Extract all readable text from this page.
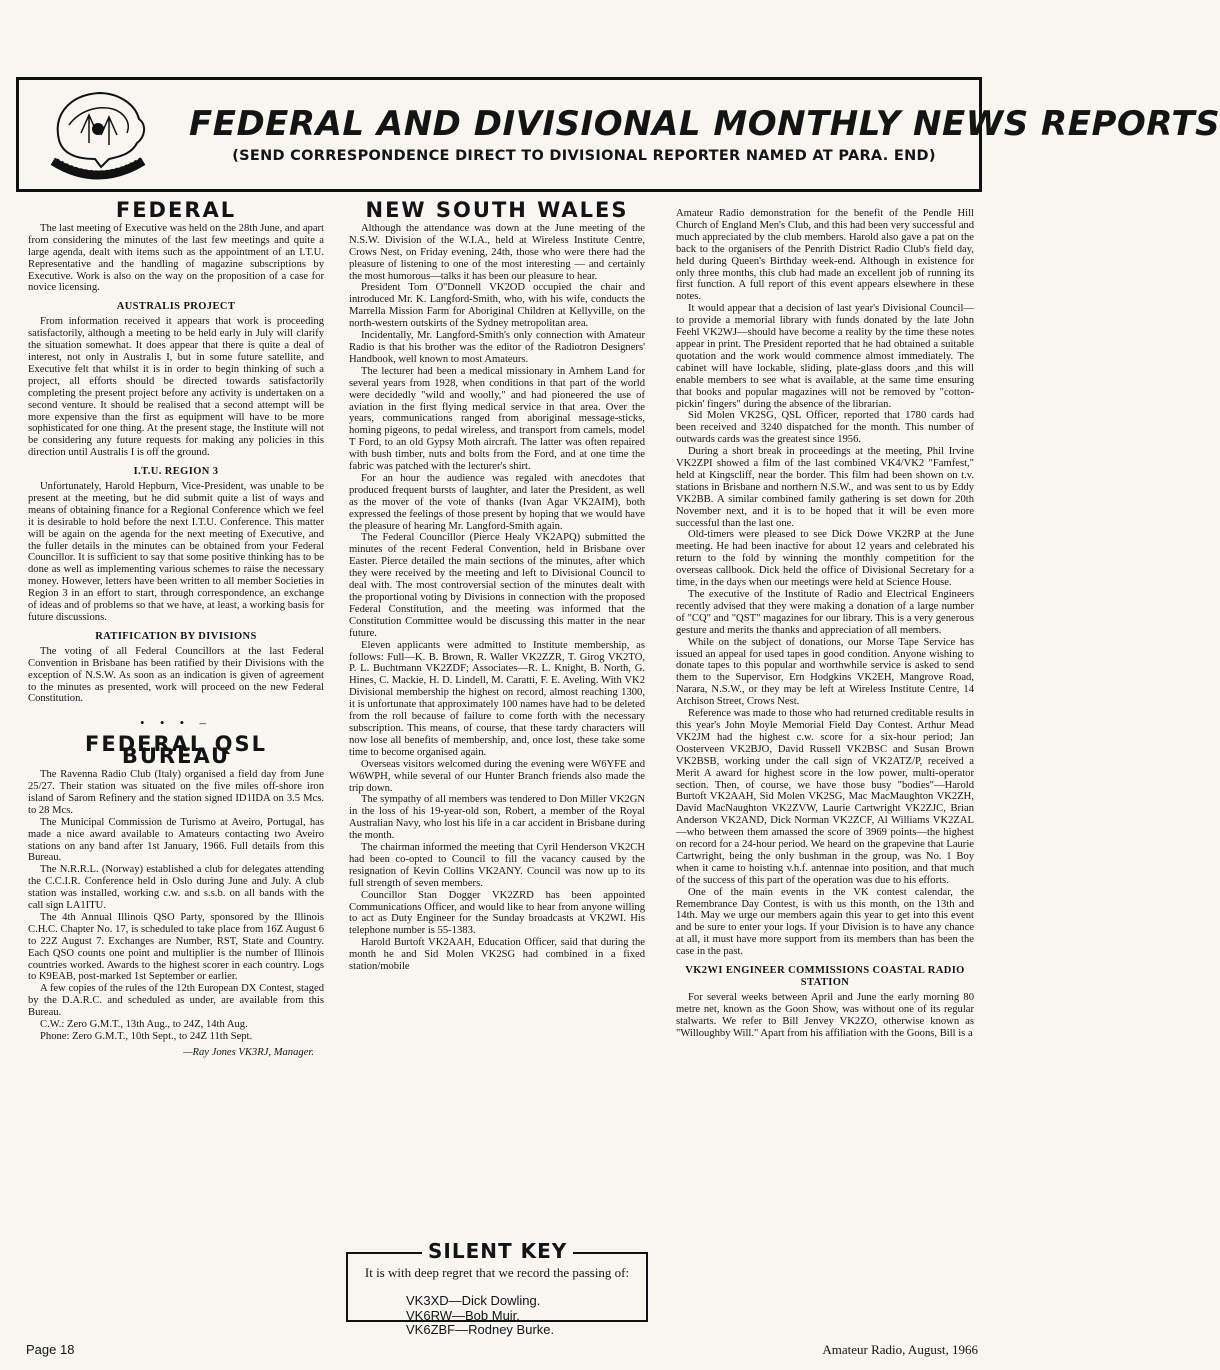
FEDERAL AND DIVISIONAL MONTHLY NEWS REPORTS
(SEND CORRESPONDENCE DIRECT TO DIVISIONAL REPORTER NAMED AT PARA. END)
FEDERAL

The last meeting of Executive was held on the 28th June, and apart from considering the minutes of the last few meetings and quite a large agenda, dealt with items such as the appointment of an I.T.U. Representative and the handling of magazine subscriptions by Executive. Work is also on the way on the proposition of a case for novice licensing.

AUSTRALIS PROJECT

From information received it appears that work is proceeding satisfactorily, although a meeting to be held early in July will clarify the situation somewhat. It does appear that there is quite a deal of interest, not only in Australis I, but in some future satellite, and Executive felt that whilst it is in order to begin thinking of such a project, all efforts should be directed towards satisfactorily completing the present project before any activity is undertaken on a second venture. It should be realised that a second attempt will be more expensive than the first as equipment will have to be more sophisticated for one thing. At the present stage, the Institute will not be considering any future requests for making any policies in this direction until Australis I is off the ground.

I.T.U. REGION 3

Unfortunately, Harold Hepburn, Vice-President, was unable to be present at the meeting, but he did submit quite a list of ways and means of obtaining finance for a Regional Conference which we feel it is desirable to hold before the next I.T.U. Conference. This matter will be again on the agenda for the next meeting of Executive, and the fuller details in the minutes can be obtained from your Federal Councillor. It is sufficient to say that some positive thinking has to be done as well as implementing various schemes to raise the necessary money. However, letters have been written to all member Societies in Region 3 in an effort to start, through correspondence, an exchange of ideas and of problems so that we have, at least, a working basis for future discussions.

RATIFICATION BY DIVISIONS

The voting of all Federal Councillors at the last Federal Convention in Brisbane has been ratified by their Divisions with the exception of N.S.W. As soon as an indication is given of agreement to the minutes as presented, work will proceed on the new Federal Constitution.

• • • –
FEDERAL QSL BUREAU

The Ravenna Radio Club (Italy) organised a field day from June 25/27. Their station was situated on the five miles off-shore iron island of Sarom Refinery and the station signed ID1IDA on 3.5 Mcs. to 28 Mcs.

The Municipal Commission de Turismo at Aveiro, Portugal, has made a nice award available to Amateurs contacting two Aveiro stations on any band after 1st January, 1966. Full details from this Bureau.

The N.R.R.L. (Norway) established a club for delegates attending the C.C.I.R. Conference held in Oslo during June and July. A club station was installed, working c.w. and s.s.b. on all bands with the call sign LA1ITU.

The 4th Annual Illinois QSO Party, sponsored by the Illinois C.H.C. Chapter No. 17, is scheduled to take place from 16Z August 6 to 22Z August 7. Exchanges are Number, RST, State and Country. Each QSO counts one point and multiplier is the number of Illinois countries worked. Awards to the highest scorer in each country. Logs to K9EAB, post-marked 1st September or earlier.

A few copies of the rules of the 12th European DX Contest, staged by the D.A.R.C. and scheduled as under, are available from this Bureau.

C.W.: Zero G.M.T., 13th Aug., to 24Z, 14th Aug.

Phone: Zero G.M.T., 10th Sept., to 24Z 11th Sept.

—Ray Jones VK3RJ, Manager.
NEW SOUTH WALES

Although the attendance was down at the June meeting of the N.S.W. Division of the W.I.A., held at Wireless Institute Centre, Crows Nest, on Friday evening, 24th, those who were there had the pleasure of listening to one of the most interesting — and certainly the most humorous—talks it has been our pleasure to hear.

President Tom O''Donnell VK2OD occupied the chair and introduced Mr. K. Langford-Smith, who, with his wife, conducts the Marrella Mission Farm for Aboriginal Children at Kellyville, on the north-western outskirts of the Sydney metropolitan area.

Incidentally, Mr. Langford-Smith's only connection with Amateur Radio is that his brother was the editor of the Radiotron Designers' Handbook, well known to most Amateurs.

The lecturer had been a medical missionary in Arnhem Land for several years from 1928, when conditions in that part of the world were decidedly "wild and woolly," and had pioneered the use of aviation in the first flying medical service in that area. Over the years, communications ranged from aboriginal message-sticks, homing pigeons, to pedal wireless, and transport from camels, model T Ford, to an old Gypsy Moth aircraft. The latter was often repaired with bush timber, nuts and bolts from the Ford, and at one time the fabric was patched with the lecturer's shirt.

For an hour the audience was regaled with anecdotes that produced frequent bursts of laughter, and later the President, as well as the mover of the vote of thanks (Ivan Agar VK2AIM), both expressed the feelings of those present by hoping that we would have the pleasure of hearing Mr. Langford-Smith again.

The Federal Councillor (Pierce Healy VK2APQ) submitted the minutes of the recent Federal Convention, held in Brisbane over Easter. Pierce detailed the main sections of the minutes, after which they were received by the meeting and left to Divisional Council to deal with. The most controversial section of the minutes dealt with the proportional voting by Divisions in connection with the proposed Federal Constitution, and the meeting was informed that the Constitution Committee would be discussing this matter in the near future.

Eleven applicants were admitted to Institute membership, as follows: Full—K. B. Brown, R. Waller VK2ZZR, T. Girog VK2TO, P. L. Buchtmann VK2ZDF; Associates—R. L. Knight, B. North, G. Hines, C. Mackie, H. D. Lindell, M. Caratti, F. E. Aveling. With VK2 Divisional membership the highest on record, almost reaching 1300, it is unfortunate that approximately 100 names have had to be deleted from the roll because of failure to come forth with the necessary subscription. This means, of course, that these tardy characters will now lose all benefits of membership, and, once lost, these take some time to become organised again.

Overseas visitors welcomed during the evening were W6YFE and W6WPH, while several of our Hunter Branch friends also made the trip down.

The sympathy of all members was tendered to Don Miller VK2GN in the loss of his 19-year-old son, Robert, a member of the Royal Australian Navy, who lost his life in a car accident in Brisbane during the month.

The chairman informed the meeting that Cyril Henderson VK2CH had been co-opted to Council to fill the vacancy caused by the resignation of Kevin Collins VK2ANY. Council was now up to its full strength of seven members.

Councillor Stan Dogger VK2ZRD has been appointed Communications Officer, and would like to hear from anyone willing to act as Duty Engineer for the Sunday broadcasts at VK2WI. His telephone number is 55-1383.

Harold Burtoft VK2AAH, Education Officer, said that during the month he and Sid Molen VK2SG had combined in a fixed station/mobile

SILENT KEY
It is with deep regret that we record the passing of:
VK3XD—Dick Dowling.
VK6RW—Bob Muir.
VK6ZBF—Rodney Burke.

Amateur Radio demonstration for the benefit of the Pendle Hill Church of England Men's Club, and this had been very successful and much appreciated by the club members. Harold also gave a pat on the back to the organisers of the Penrith District Radio Club's field day, held during Queen's Birthday week-end. Although in existence for only three months, this club had made an excellent job of running its first function. A full report of this event appears elsewhere in these notes.

It would appear that a decision of last year's Divisional Council—to provide a memorial library with funds donated by the late John Feehl VK2WJ—should have become a reality by the time these notes appear in print. The President reported that he had obtained a suitable quotation and the work would commence almost immediately. The cabinet will have lockable, sliding, plate-glass doors ,and this will enable members to see what is available, at the same time ensuring that books and popular magazines will not be removed by "cotton-pickin' fingers" during the absence of the librarian.

Sid Molen VK2SG, QSL Officer, reported that 1780 cards had been received and 3240 dispatched for the month. This number of outwards cards was the greatest since 1956.

During a short break in proceedings at the meeting, Phil Irvine VK2ZPI showed a film of the last combined VK4/VK2 "Famfest," held at Kingscliff, near the border. This film had been shown on t.v. stations in Brisbane and northern N.S.W., and was sent to us by Eddy VK2BB. A similar combined family gathering is set down for 20th November next, and it is to be hoped that it will be even more successful than the last one.

Old-timers were pleased to see Dick Dowe VK2RP at the June meeting. He had been inactive for about 12 years and celebrated his return to the fold by winning the monthly competition for the overseas callbook. Dick held the office of Divisional Secretary for a time, in the days when our meetings were held at Science House.

The executive of the Institute of Radio and Electrical Engineers recently advised that they were making a donation of a large number of "CQ" and "QST" magazines for our library. This is a very generous gesture and merits the thanks and appreciation of all members.

While on the subject of donations, our Morse Tape Service has issued an appeal for used tapes in good condition. Anyone wishing to donate tapes to this popular and worthwhile service is asked to send them to the Supervisor, Ern Hodgkins VK2EH, Mangrove Road, Narara, N.S.W., or they may be left at Wireless Institute Centre, 14 Atchison Street, Crows Nest.

Reference was made to those who had returned creditable results in this year's John Moyle Memorial Field Day Contest. Arthur Mead VK2JM had the highest c.w. score for a six-hour period; Jan Oosterveen VK2BJO, David Russell VK2BSC and Susan Brown VK2BSB, working under the call sign of VK2ATZ/P, received a Merit A award for highest score in the low power, multi-operator section. Then, of course, we have those busy "bodies"—Harold Burtoft VK2AAH, Sid Molen VK2SG, Mac MacMaughton VK2ZH, David MacNaughton VK2ZVW, Laurie Cartwright VK2ZJC, Brian Anderson VK2AND, Dick Norman VK2ZCF, Al Williams VK2ZAL—who between them amassed the score of 3969 points—the highest on record for a 24-hour period. We heard on the grapevine that Laurie Cartwright, being the only bushman in the group, was No. 1 Boy when it came to hoisting v.h.f. antennae into position, and that much of the success of this part of the operation was due to his efforts.

One of the main events in the VK contest calendar, the Remembrance Day Contest, is with us this month, on the 13th and 14th. May we urge our members again this year to get into this event and be sure to enter your logs. If your Division is to have any chance at all, it must have more support from its members than has been the case in the past.

VK2WI ENGINEER COMMISSIONS COASTAL RADIO STATION

For several weeks between April and June the early morning 80 metre net, known as the Goon Show, was without one of its regular stalwarts. We refer to Bill Jenvey VK2ZO, otherwise known as "Willoughby Will." Apart from his affiliation with the Goons, Bill is a

Page 18	Amateur Radio, August, 1966
